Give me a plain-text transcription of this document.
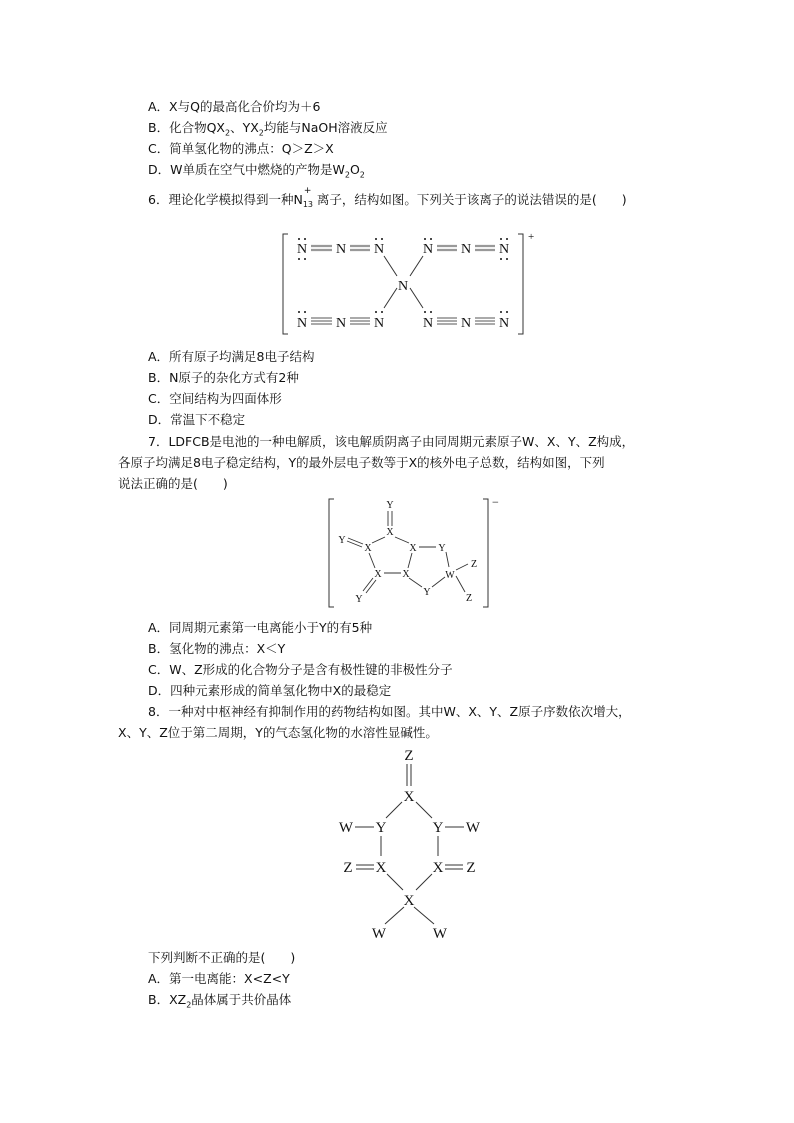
A．X与Q的最高化合价均为＋6
B．化合物$QX_2$、$YX_2$均能与NaOH溶液反应
C．简单氢化物的沸点：Q＞Z＞X
D．W单质在空气中燃烧的产物是$W_2O_2$
6．理论化学模拟得到一种N
+
13 离子，结构如图。下列关于该离子的说法错误的是(　　)
+
N N N	N N N
N
N N N	N N N
A．所有原子均满足8电子结构
B．N原子的杂化方式有2种
C．空间结构为四面体形
D．常温下不稳定
7．LDFCB是电池的一种电解质，该电解质阴离子由同周期元素原子W、X、Y、Z构成，
各原子均满足8电子稳定结构，Y的最外层电子数等于X的核外电子总数，结构如图，下列
说法正确的是(　　)
−
Y
X
Y
X	X Y
X X	W
Z
Z
Y
Y
A．同周期元素第一电离能小于Y的有5种
B．氢化物的沸点：X＜Y
C．W、Z形成的化合物分子是含有极性键的非极性分子
D．四种元素形成的简单氢化物中X的最稳定
8．一种对中枢神经有抑制作用的药物结构如图。其中W、X、Y、Z原子序数依次增大，
X、Y、Z位于第二周期，Y的气态氢化物的水溶性显碱性。
Z
X
W Y	Y W
Z X	X Z
X
W	W
下列判断不正确的是(　　)
A．第一电离能：X<Z<Y
B．$XZ_2$晶体属于共价晶体
